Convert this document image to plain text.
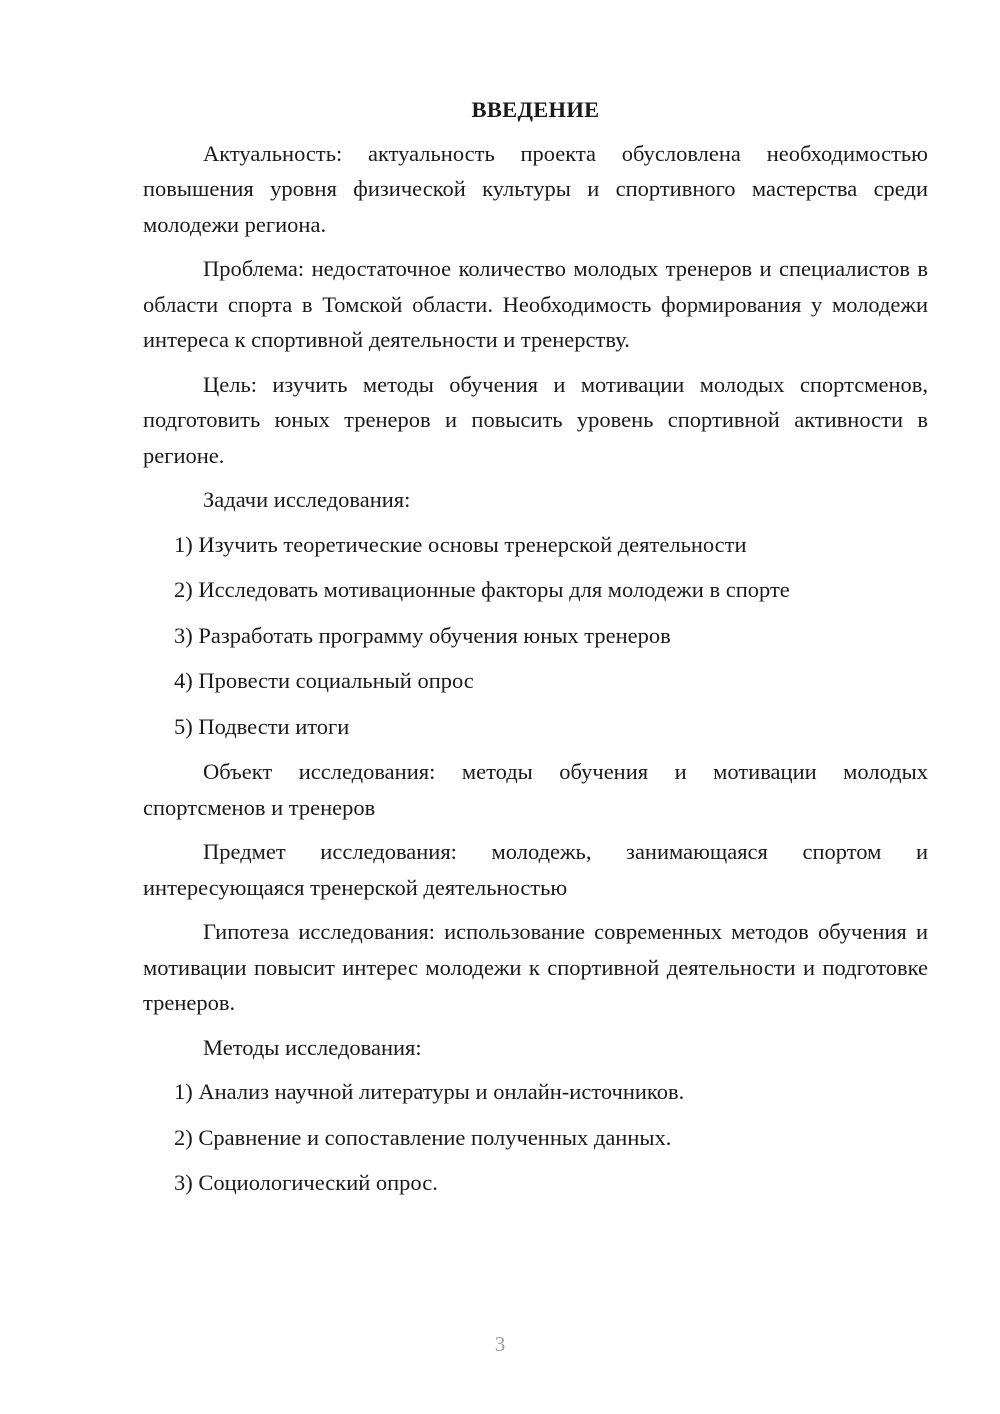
ВВЕДЕНИЕ

Актуальность: актуальность проекта обусловлена необходимостью повышения уровня физической культуры и спортивного мастерства среди молодежи региона.

Проблема: недостаточное количество молодых тренеров и специалистов в области спорта в Томской области. Необходимость формирования у молодежи интереса к спортивной деятельности и тренерству.

Цель: изучить методы обучения и мотивации молодых спортсменов, подготовить юных тренеров и повысить уровень спортивной активности в регионе.

Задачи исследования:

1) Изучить теоретические основы тренерской деятельности
2) Исследовать мотивационные факторы для молодежи в спорте
3) Разработать программу обучения юных тренеров
4) Провести социальный опрос
5) Подвести итоги

Объект исследования: методы обучения и мотивации молодых спортсменов и тренеров

Предмет исследования: молодежь, занимающаяся спортом и интересующаяся тренерской деятельностью

Гипотеза исследования: использование современных методов обучения и мотивации повысит интерес молодежи к спортивной деятельности и подготовке тренеров.

Методы исследования:

1) Анализ научной литературы и онлайн-источников.
2) Сравнение и сопоставление полученных данных.
3) Социологический опрос.
3
